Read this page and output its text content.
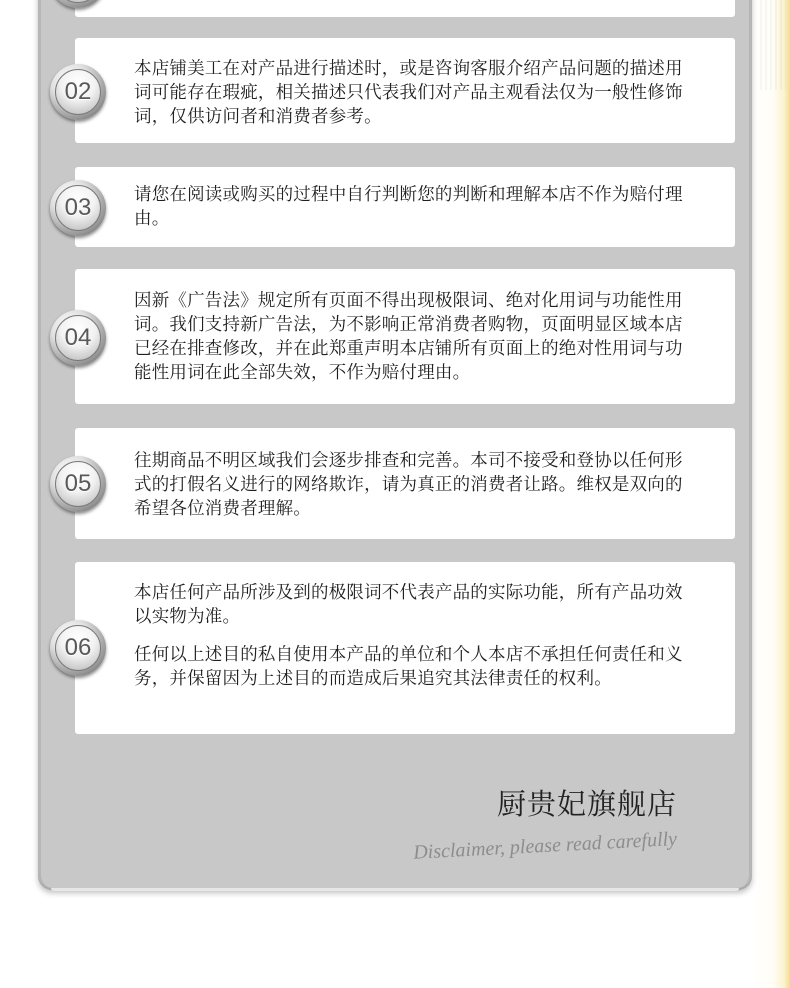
本店铺美工在对产品进行描述时，或是咨询客服介绍产品问题的描述用词可能存在瑕疵，相关描述只代表我们对产品主观看法仅为一般性修饰词，仅供访问者和消费者参考。

02

请您在阅读或购买的过程中自行判断您的判断和理解本店不作为赔付理由。

03

因新《广告法》规定所有页面不得出现极限词、绝对化用词与功能性用词。我们支持新广告法，为不影响正常消费者购物，页面明显区域本店已经在排查修改，并在此郑重声明本店铺所有页面上的绝对性用词与功能性用词在此全部失效，不作为赔付理由。

04

往期商品不明区域我们会逐步排查和完善。本司不接受和登协以任何形式的打假名义进行的网络欺诈，请为真正的消费者让路。维权是双向的希望各位消费者理解。

05

本店任何产品所涉及到的极限词不代表产品的实际功能，所有产品功效以实物为准。

任何以上述目的私自使用本产品的单位和个人本店不承担任何责任和义务，并保留因为上述目的而造成后果追究其法律责任的权利。

06
厨贵妃旗舰店
Disclaimer, please read carefully
